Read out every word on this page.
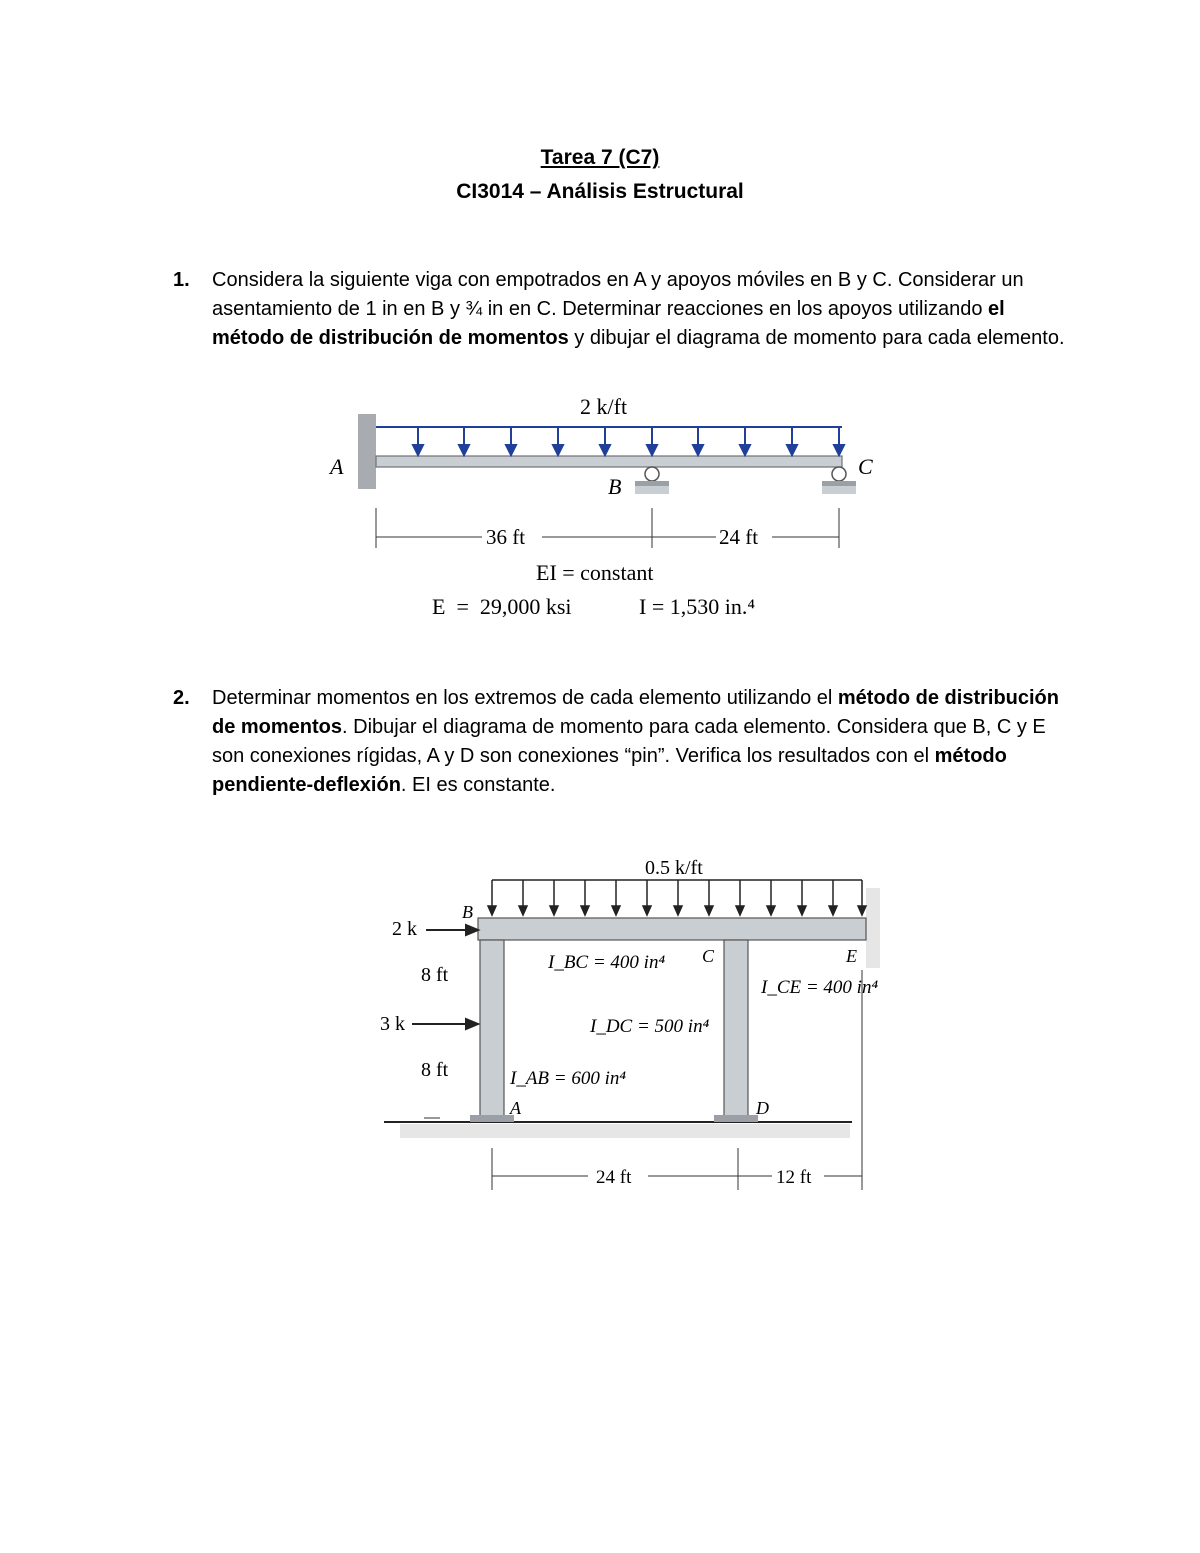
Tarea 7 (C7)
CI3014 – Análisis Estructural
1. Considera la siguiente viga con empotrados en A y apoyos móviles en B y C. Considerar un asentamiento de 1 in en B y ¾ in en C. Determinar reacciones en los apoyos utilizando el método de distribución de momentos y dibujar el diagrama de momento para cada elemento.
2 k/ft
A
B
C
36 ft	24 ft
EI = constant
E  =  29,000 ksi	I = 1,530 in.⁴
2. Determinar momentos en los extremos de cada elemento utilizando el método de distribución de momentos. Dibujar el diagrama de momento para cada elemento. Considera que B, C y E son conexiones rígidas, A y D son conexiones “pin”. Verifica los resultados con el método pendiente-deflexión. EI es constante.
0.5 k/ft
2 k
3 k
8 ft
8 ft
B
A
C
D
E
I_BC = 400 in⁴
I_DC = 500 in⁴
I_AB = 600 in⁴
I_CE = 400 in⁴
24 ft	12 ft
